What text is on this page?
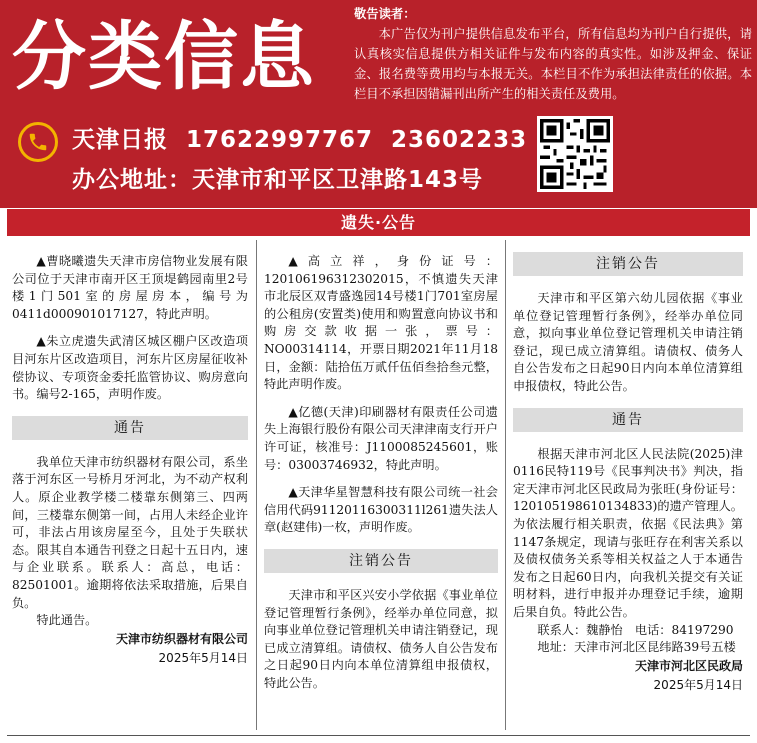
分类信息	敬告读者：
本广告仅为刊户提供信息发布平台，所有信息均为刊户自行提供，请认真核实信息提供方相关证件与发布内容的真实性。如涉及押金、保证金、报名费等费用均与本报无关。本栏目不作为承担法律责任的依据。本栏目不承担因错漏刊出所产生的相关责任及费用。
天津日报 17622997767 23602233
办公地址：天津市和平区卫津路143号
遗失·公告
▲曹晓曦遗失天津市房信物业发展有限公司位于天津市南开区王顶堤鹤园南里2号楼1门501室的房屋房本，编号为0411d000901017127，特此声明。
▲朱立虎遗失武清区城区棚户区改造项目河东片区改造项目，河东片区房屋征收补偿协议、专项资金委托监管协议、购房意向书。编号2-165，声明作废。
通告
我单位天津市纺织器材有限公司，系坐落于河东区一号桥月牙河北，为不动产权利人。原企业教学楼二楼靠东侧第三、四两间，三楼靠东侧第一间，占用人未经企业许可，非法占用该房屋至今，且处于失联状态。限其自本通告刊登之日起十五日内，速与企业联系。联系人：高总，电话：82501001。逾期将依法采取措施，后果自负。
特此通告。
天津市纺织器材有限公司
2025年5月14日
▲高立祥，身份证号：120106196312302015，不慎遗失天津市北辰区双青盛逸园14号楼1门701室房屋的公租房(安置类)使用和购置意向协议书和购房交款收据一张，票号：NO00314114，开票日期2021年11月18日，金额：陆拾伍万贰仟伍佰叁拾叁元整，特此声明作废。
▲亿德(天津)印刷器材有限责任公司遗失上海银行股份有限公司天津津南支行开户许可证，核准号：J1100085245601，账号：03003746932，特此声明。
▲天津华星智慧科技有限公司统一社会信用代码91120116300311l261遗失法人章(赵建伟)一枚，声明作废。
注销公告
天津市和平区兴安小学依据《事业单位登记管理暂行条例》，经举办单位同意，拟向事业单位登记管理机关申请注销登记，现已成立清算组。请债权、债务人自公告发布之日起90日内向本单位清算组申报债权，特此公告。
注销公告
天津市和平区第六幼儿园依据《事业单位登记管理暂行条例》，经举办单位同意，拟向事业单位登记管理机关申请注销登记，现已成立清算组。请债权、债务人自公告发布之日起90日内向本单位清算组申报债权，特此公告。
通告
根据天津市河北区人民法院(2025)津0116民特119号《民事判决书》判决，指定天津市河北区民政局为张旺(身份证号：120105198610134833)的遗产管理人。为依法履行相关职责，依据《民法典》第1147条规定，现请与张旺存在利害关系以及债权债务关系等相关权益之人于本通告发布之日起60日内，向我机关提交有关证明材料，进行申报并办理登记手续，逾期后果自负。特此公告。
联系人：魏静怡　电话：84197290
地址：天津市河北区昆纬路39号五楼
天津市河北区民政局
2025年5月14日
